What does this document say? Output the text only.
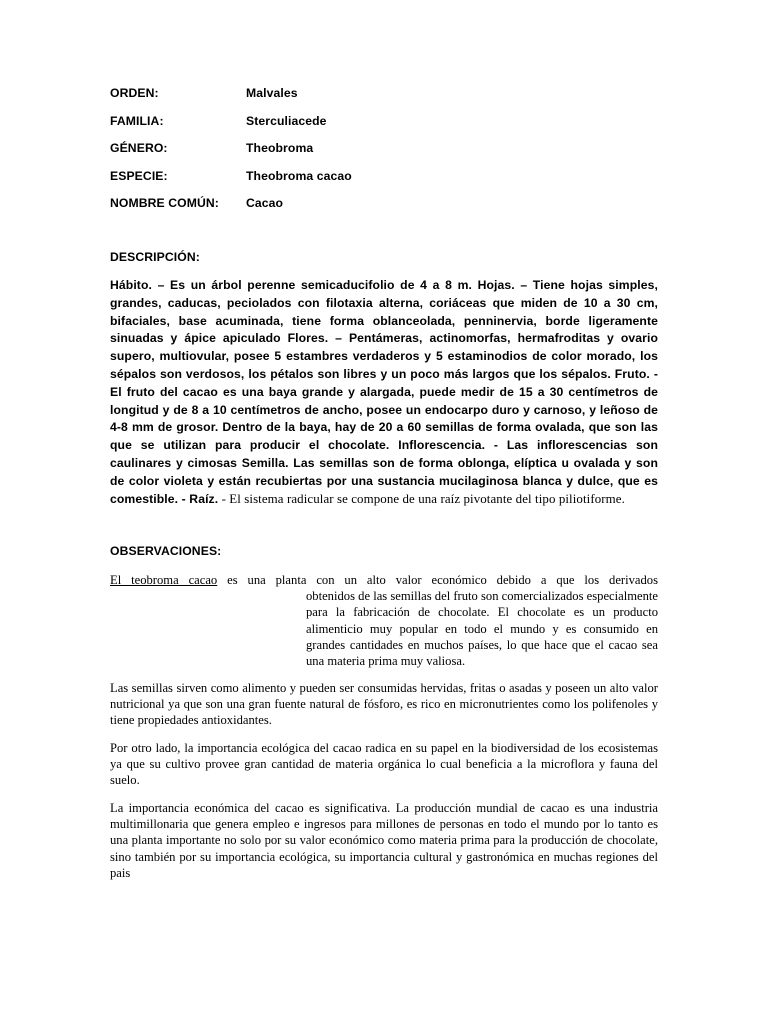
ORDEN:	Malvales
FAMILIA:	Sterculiacede
GÉNERO:	Theobroma
ESPECIE:	Theobroma cacao
NOMBRE COMÚN: Cacao
DESCRIPCIÓN:
Hábito. – Es un árbol perenne semicaducifolio de 4 a 8 m. Hojas. – Tiene hojas simples, grandes, caducas, peciolados con filotaxia alterna, coriáceas que miden de 10 a 30 cm, bifaciales, base acuminada, tiene forma oblanceolada, penninervia, borde ligeramente sinuadas y ápice apiculado Flores. – Pentámeras, actinomorfas, hermafroditas y ovario supero, multiovular, posee 5 estambres verdaderos y 5 estaminodios de color morado, los sépalos son verdosos, los pétalos son libres y un poco más largos que los sépalos. Fruto. - El fruto del cacao es una baya grande y alargada, puede medir de 15 a 30 centímetros de longitud y de 8 a 10 centímetros de ancho, posee un endocarpo duro y carnoso, y leñoso de 4-8 mm de grosor. Dentro de la baya, hay de 20 a 60 semillas de forma ovalada, que son las que se utilizan para producir el chocolate. Inflorescencia. - Las inflorescencias son caulinares y cimosas Semilla. Las semillas son de forma oblonga, elíptica u ovalada y son de color violeta y están recubiertas por una sustancia mucilaginosa blanca y dulce, que es comestible. - Raíz. - El sistema radicular se compone de una raíz pivotante del tipo piliotiforme.
OBSERVACIONES:
El teobroma cacao es una planta con un alto valor económico debido a que los derivados
obtenidos de las semillas del fruto son comercializados especialmente para la fabricación de chocolate. El chocolate es un producto alimenticio muy popular en todo el mundo y es consumido en grandes cantidades en muchos países, lo que hace que el cacao sea una materia prima muy valiosa.
Las semillas sirven como alimento y pueden ser consumidas hervidas, fritas o asadas y poseen un alto valor nutricional ya que son una gran fuente natural de fósforo, es rico en micronutrientes como los polifenoles y tiene propiedades antioxidantes.
Por otro lado, la importancia ecológica del cacao radica en su papel en la biodiversidad de los ecosistemas ya que su cultivo provee gran cantidad de materia orgánica lo cual beneficia a la microflora y fauna del suelo.
La importancia económica del cacao es significativa. La producción mundial de cacao es una industria multimillonaria que genera empleo e ingresos para millones de personas en todo el mundo por lo tanto es una planta importante no solo por su valor económico como materia prima para la producción de chocolate, sino también por su importancia ecológica, su importancia cultural y gastronómica en muchas regiones del pais
